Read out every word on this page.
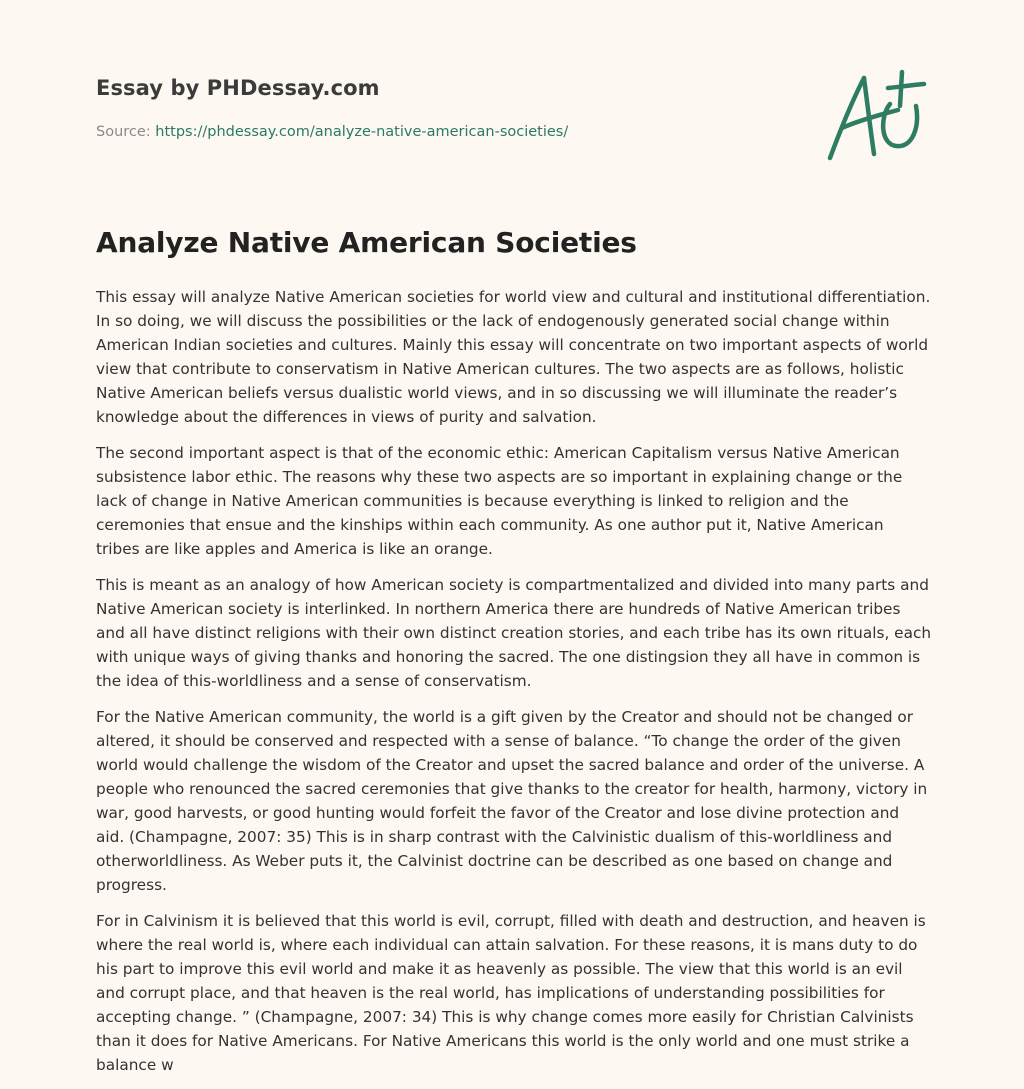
Essay by PHDessay.com
Source: https://phdessay.com/analyze-native-american-societies/
Analyze Native American Societies

This essay will analyze Native American societies for world view and cultural and institutional differentiation. In so doing, we will discuss the possibilities or the lack of endogenously generated social change within American Indian societies and cultures. Mainly this essay will concentrate on two important aspects of world view that contribute to conservatism in Native American cultures. The two aspects are as follows, holistic Native American beliefs versus dualistic world views, and in so discussing we will illuminate the reader’s knowledge about the differences in views of purity and salvation.

The second important aspect is that of the economic ethic: American Capitalism versus Native American subsistence labor ethic. The reasons why these two aspects are so important in explaining change or the lack of change in Native American communities is because everything is linked to religion and the ceremonies that ensue and the kinships within each community. As one author put it, Native American tribes are like apples and America is like an orange.

This is meant as an analogy of how American society is compartmentalized and divided into many parts and Native American society is interlinked. In northern America there are hundreds of Native American tribes and all have distinct religions with their own distinct creation stories, and each tribe has its own rituals, each with unique ways of giving thanks and honoring the sacred. The one distingsion they all have in common is the idea of this-worldliness and a sense of conservatism.

For the Native American community, the world is a gift given by the Creator and should not be changed or altered, it should be conserved and respected with a sense of balance. “To change the order of the given world would challenge the wisdom of the Creator and upset the sacred balance and order of the universe. A people who renounced the sacred ceremonies that give thanks to the creator for health, harmony, victory in war, good harvests, or good hunting would forfeit the favor of the Creator and lose divine protection and aid. (Champagne, 2007: 35) This is in sharp contrast with the Calvinistic dualism of this-worldliness and otherworldliness. As Weber puts it, the Calvinist doctrine can be described as one based on change and progress.

For in Calvinism it is believed that this world is evil, corrupt, filled with death and destruction, and heaven is where the real world is, where each individual can attain salvation. For these reasons, it is mans duty to do his part to improve this evil world and make it as heavenly as possible. The view that this world is an evil and corrupt place, and that heaven is the real world, has implications of understanding possibilities for accepting change. ” (Champagne, 2007: 34) This is why change comes more easily for Christian Calvinists than it does for Native Americans. For Native Americans this world is the only world and one must strike a balance w
